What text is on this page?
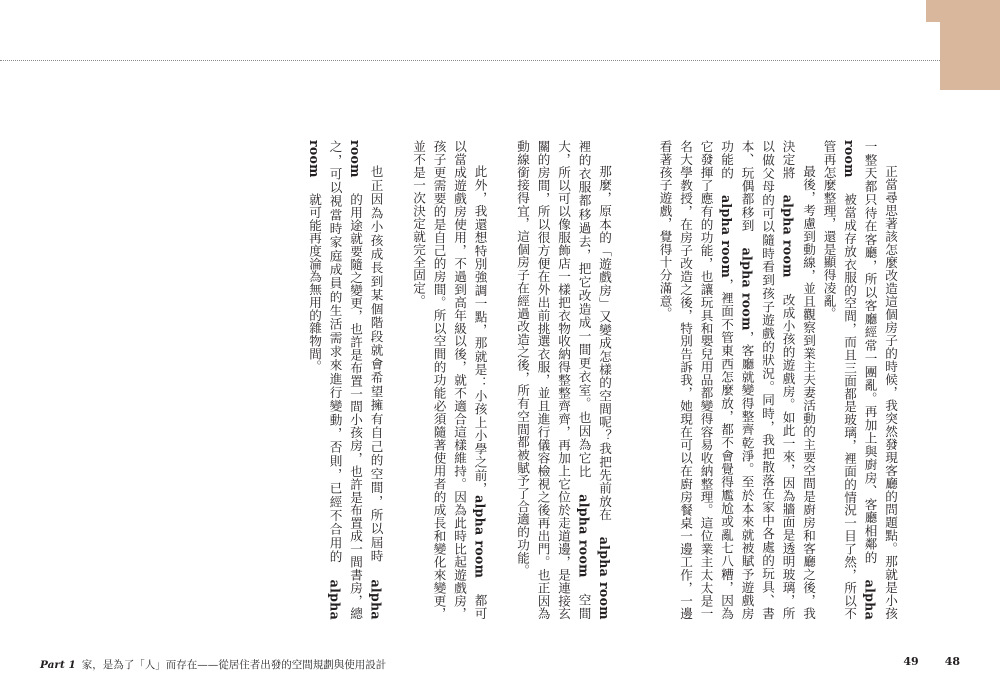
正當尋思著該怎麼改造這個房子的時候，我突然發現客廳的問題點。那就是小孩一整天都只待在客廳，所以客廳經常一團亂。再加上與廚房、客廳相鄰的 alpha room 被當成存放衣服的空間，而且三面都是玻璃，裡面的情況一目了然，所以不管再怎麼整理，還是顯得凌亂。

最後，考慮到動線，並且觀察到業主夫妻活動的主要空間是廚房和客廳之後，我決定將 alpha room 改成小孩的遊戲房。如此一來，因為牆面是透明玻璃，所以做父母的可以隨時看到孩子遊戲的狀況。同時，我把散落在家中各處的玩具、書本、玩偶都移到 alpha room，客廳就變得整齊乾淨。至於本來就被賦予遊戲房功能的 alpha room，裡面不管東西怎麼放，都不會覺得尷尬或亂七八糟，因為它發揮了應有的功能，也讓玩具和嬰兒用品都變得容易收納整理。這位業主太太是一名大學教授，在房子改造之後，特別告訴我，她現在可以在廚房餐桌一邊工作，一邊看著孩子遊戲，覺得十分滿意。

那麼，原本的「遊戲房」又變成怎樣的空間呢？我把先前放在 alpha room 裡的衣服都移過去，把它改造成一間更衣室。也因為它比 alpha room 空間大，所以可以像服飾店一樣把衣物收納得整整齊齊，再加上它位於走道邊，是連接玄關的房間，所以很方便在外出前挑選衣服，並且進行儀容檢視之後再出門。也正因為動線銜接得宜，這個房子在經過改造之後，所有空間都被賦予了合適的功能。

此外，我還想特別強調一點，那就是：小孩上小學之前，alpha room 都可以當成遊戲房使用，不過到高年級以後，就不適合這樣維持。因為此時比起遊戲房，孩子更需要的是自己的房間。所以空間的功能必須隨著使用者的成長和變化來變更，並不是一次決定就完全固定。

也正因為小孩成長到某個階段就會希望擁有自己的空間，所以屆時 alpha room 的用途就要隨之變更，也許是布置一間小孩房，也許是布置成一間書房，總之，可以視當時家庭成員的生活需求來進行變動，否則，已經不合用的 alpha room 就可能再度淪為無用的雜物間。

Part 1 家，是為了「人」而存在——從居住者出發的空間規劃與使用設計	49 48
